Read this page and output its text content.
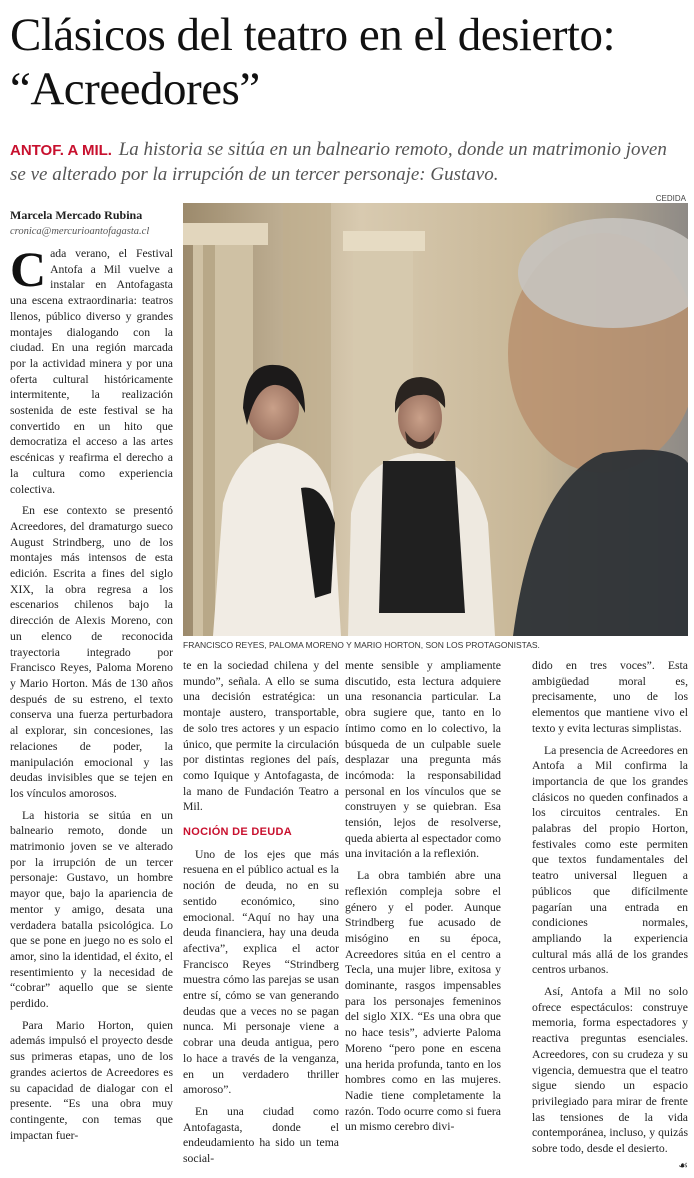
Clásicos del teatro en el desierto: “Acreedores”
ANTOF. A MIL. La historia se sitúa en un balneario remoto, donde un matrimonio joven se ve alterado por la irrupción de un tercer personaje: Gustavo.
CEDIDA
Marcela Mercado Rubina
cronica@mercurioantofagasta.cl
FRANCISCO REYES, PALOMA MORENO Y MARIO HORTON, SON LOS PROTAGONISTAS.

Cada verano, el Festival Antofa a Mil vuelve a instalar en Antofagasta una escena extraordinaria: teatros llenos, público diverso y grandes montajes dialogando con la ciudad. En una región marcada por la actividad minera y por una oferta cultural históricamente intermitente, la realización sostenida de este festival se ha convertido en un hito que democratiza el acceso a las artes escénicas y reafirma el derecho a la cultura como experiencia colectiva.

En ese contexto se presentó Acreedores, del dramaturgo sueco August Strindberg, uno de los montajes más intensos de esta edición. Escrita a fines del siglo XIX, la obra regresa a los escenarios chilenos bajo la dirección de Alexis Moreno, con un elenco de reconocida trayectoria integrado por Francisco Reyes, Paloma Moreno y Mario Horton. Más de 130 años después de su estreno, el texto conserva una fuerza perturbadora al explorar, sin concesiones, las relaciones de poder, la manipulación emocional y las deudas invisibles que se tejen en los vínculos amorosos.

La historia se sitúa en un balneario remoto, donde un matrimonio joven se ve alterado por la irrupción de un tercer personaje: Gustavo, un hombre mayor que, bajo la apariencia de mentor y amigo, desata una verdadera batalla psicológica. Lo que se pone en juego no es solo el amor, sino la identidad, el éxito, el resentimiento y la necesidad de “cobrar” aquello que se siente perdido.

Para Mario Horton, quien además impulsó el proyecto desde sus primeras etapas, uno de los grandes aciertos de Acreedores es su capacidad de dialogar con el presente. “Es una obra muy contingente, con temas que impactan fuer-

te en la sociedad chilena y del mundo”, señala. A ello se suma una decisión estratégica: un montaje austero, transportable, de solo tres actores y un espacio único, que permite la circulación por distintas regiones del país, como Iquique y Antofagasta, de la mano de Fundación Teatro a Mil.

NOCIÓN DE DEUDA

Uno de los ejes que más resuena en el público actual es la noción de deuda, no en su sentido económico, sino emocional. “Aquí no hay una deuda financiera, hay una deuda afectiva”, explica el actor Francisco Reyes “Strindberg muestra cómo las parejas se usan entre sí, cómo se van generando deudas que a veces no se pagan nunca. Mi personaje viene a cobrar una deuda antigua, pero lo hace a través de la venganza, en un verdadero thriller amoroso”.

En una ciudad como Antofagasta, donde el endeudamiento ha sido un tema social-

mente sensible y ampliamente discutido, esta lectura adquiere una resonancia particular. La obra sugiere que, tanto en lo íntimo como en lo colectivo, la búsqueda de un culpable suele desplazar una pregunta más incómoda: la responsabilidad personal en los vínculos que se construyen y se quiebran. Esa tensión, lejos de resolverse, queda abierta al espectador como una invitación a la reflexión.

La obra también abre una reflexión compleja sobre el género y el poder. Aunque Strindberg fue acusado de misógino en su época, Acreedores sitúa en el centro a Tecla, una mujer libre, exitosa y dominante, rasgos impensables para los personajes femeninos del siglo XIX. “Es una obra que no hace tesis”, advierte Paloma Moreno “pero pone en escena una herida profunda, tanto en los hombres como en las mujeres. Nadie tiene completamente la razón. Todo ocurre como si fuera un mismo cerebro divi-

dido en tres voces”. Esta ambigüedad moral es, precisamente, uno de los elementos que mantiene vivo el texto y evita lecturas simplistas.

La presencia de Acreedores en Antofa a Mil confirma la importancia de que los grandes clásicos no queden confinados a los circuitos centrales. En palabras del propio Horton, festivales como este permiten que textos fundamentales del teatro universal lleguen a públicos que difícilmente pagarían una entrada en condiciones normales, ampliando la experiencia cultural más allá de los grandes centros urbanos.

Así, Antofa a Mil no solo ofrece espectáculos: construye memoria, forma espectadores y reactiva preguntas esenciales. Acreedores, con su crudeza y su vigencia, demuestra que el teatro sigue siendo un espacio privilegiado para mirar de frente las tensiones de la vida contemporánea, incluso, y quizás sobre todo, desde el desierto.

☙
